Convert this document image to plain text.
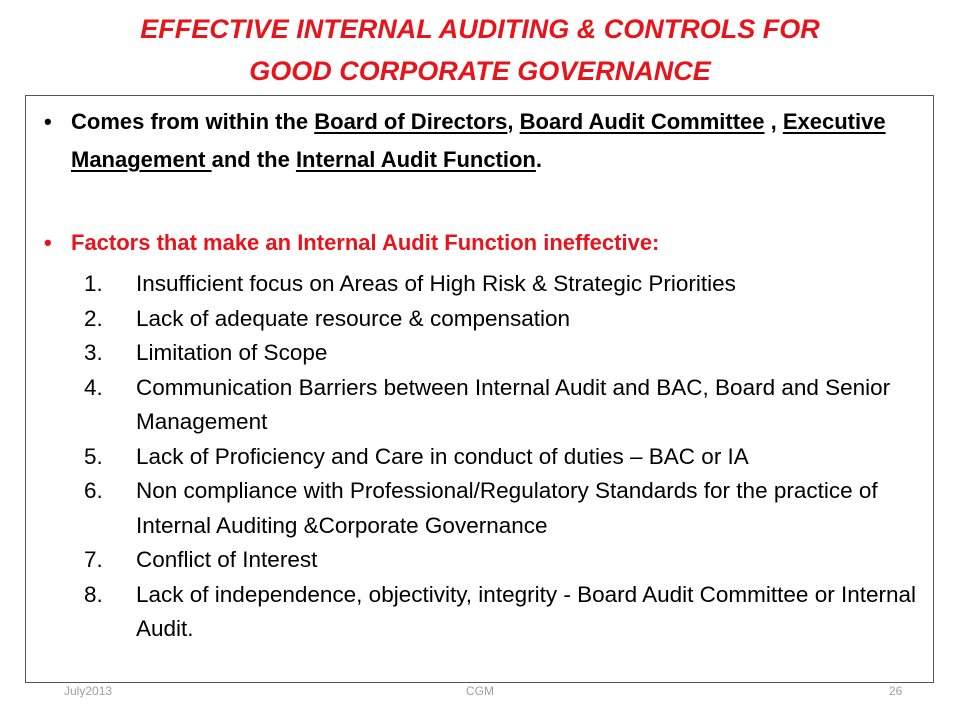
EFFECTIVE INTERNAL AUDITING & CONTROLS FOR
GOOD CORPORATE GOVERNANCE
• Comes from within the Board of Directors, Board Audit Committee , Executive Management and the Internal Audit Function.
• Factors that make an Internal Audit Function ineffective:
1. Insufficient focus on Areas of High Risk & Strategic Priorities
2. Lack of adequate resource & compensation
3. Limitation of Scope
4. Communication Barriers between Internal Audit and BAC, Board and Senior Management
5. Lack of Proficiency and Care in conduct of duties – BAC or IA
6. Non compliance with Professional/Regulatory Standards for the practice of Internal Auditing &Corporate Governance
7. Conflict of Interest
8. Lack of independence, objectivity, integrity - Board Audit Committee or Internal Audit.
July2013	CGM	26
